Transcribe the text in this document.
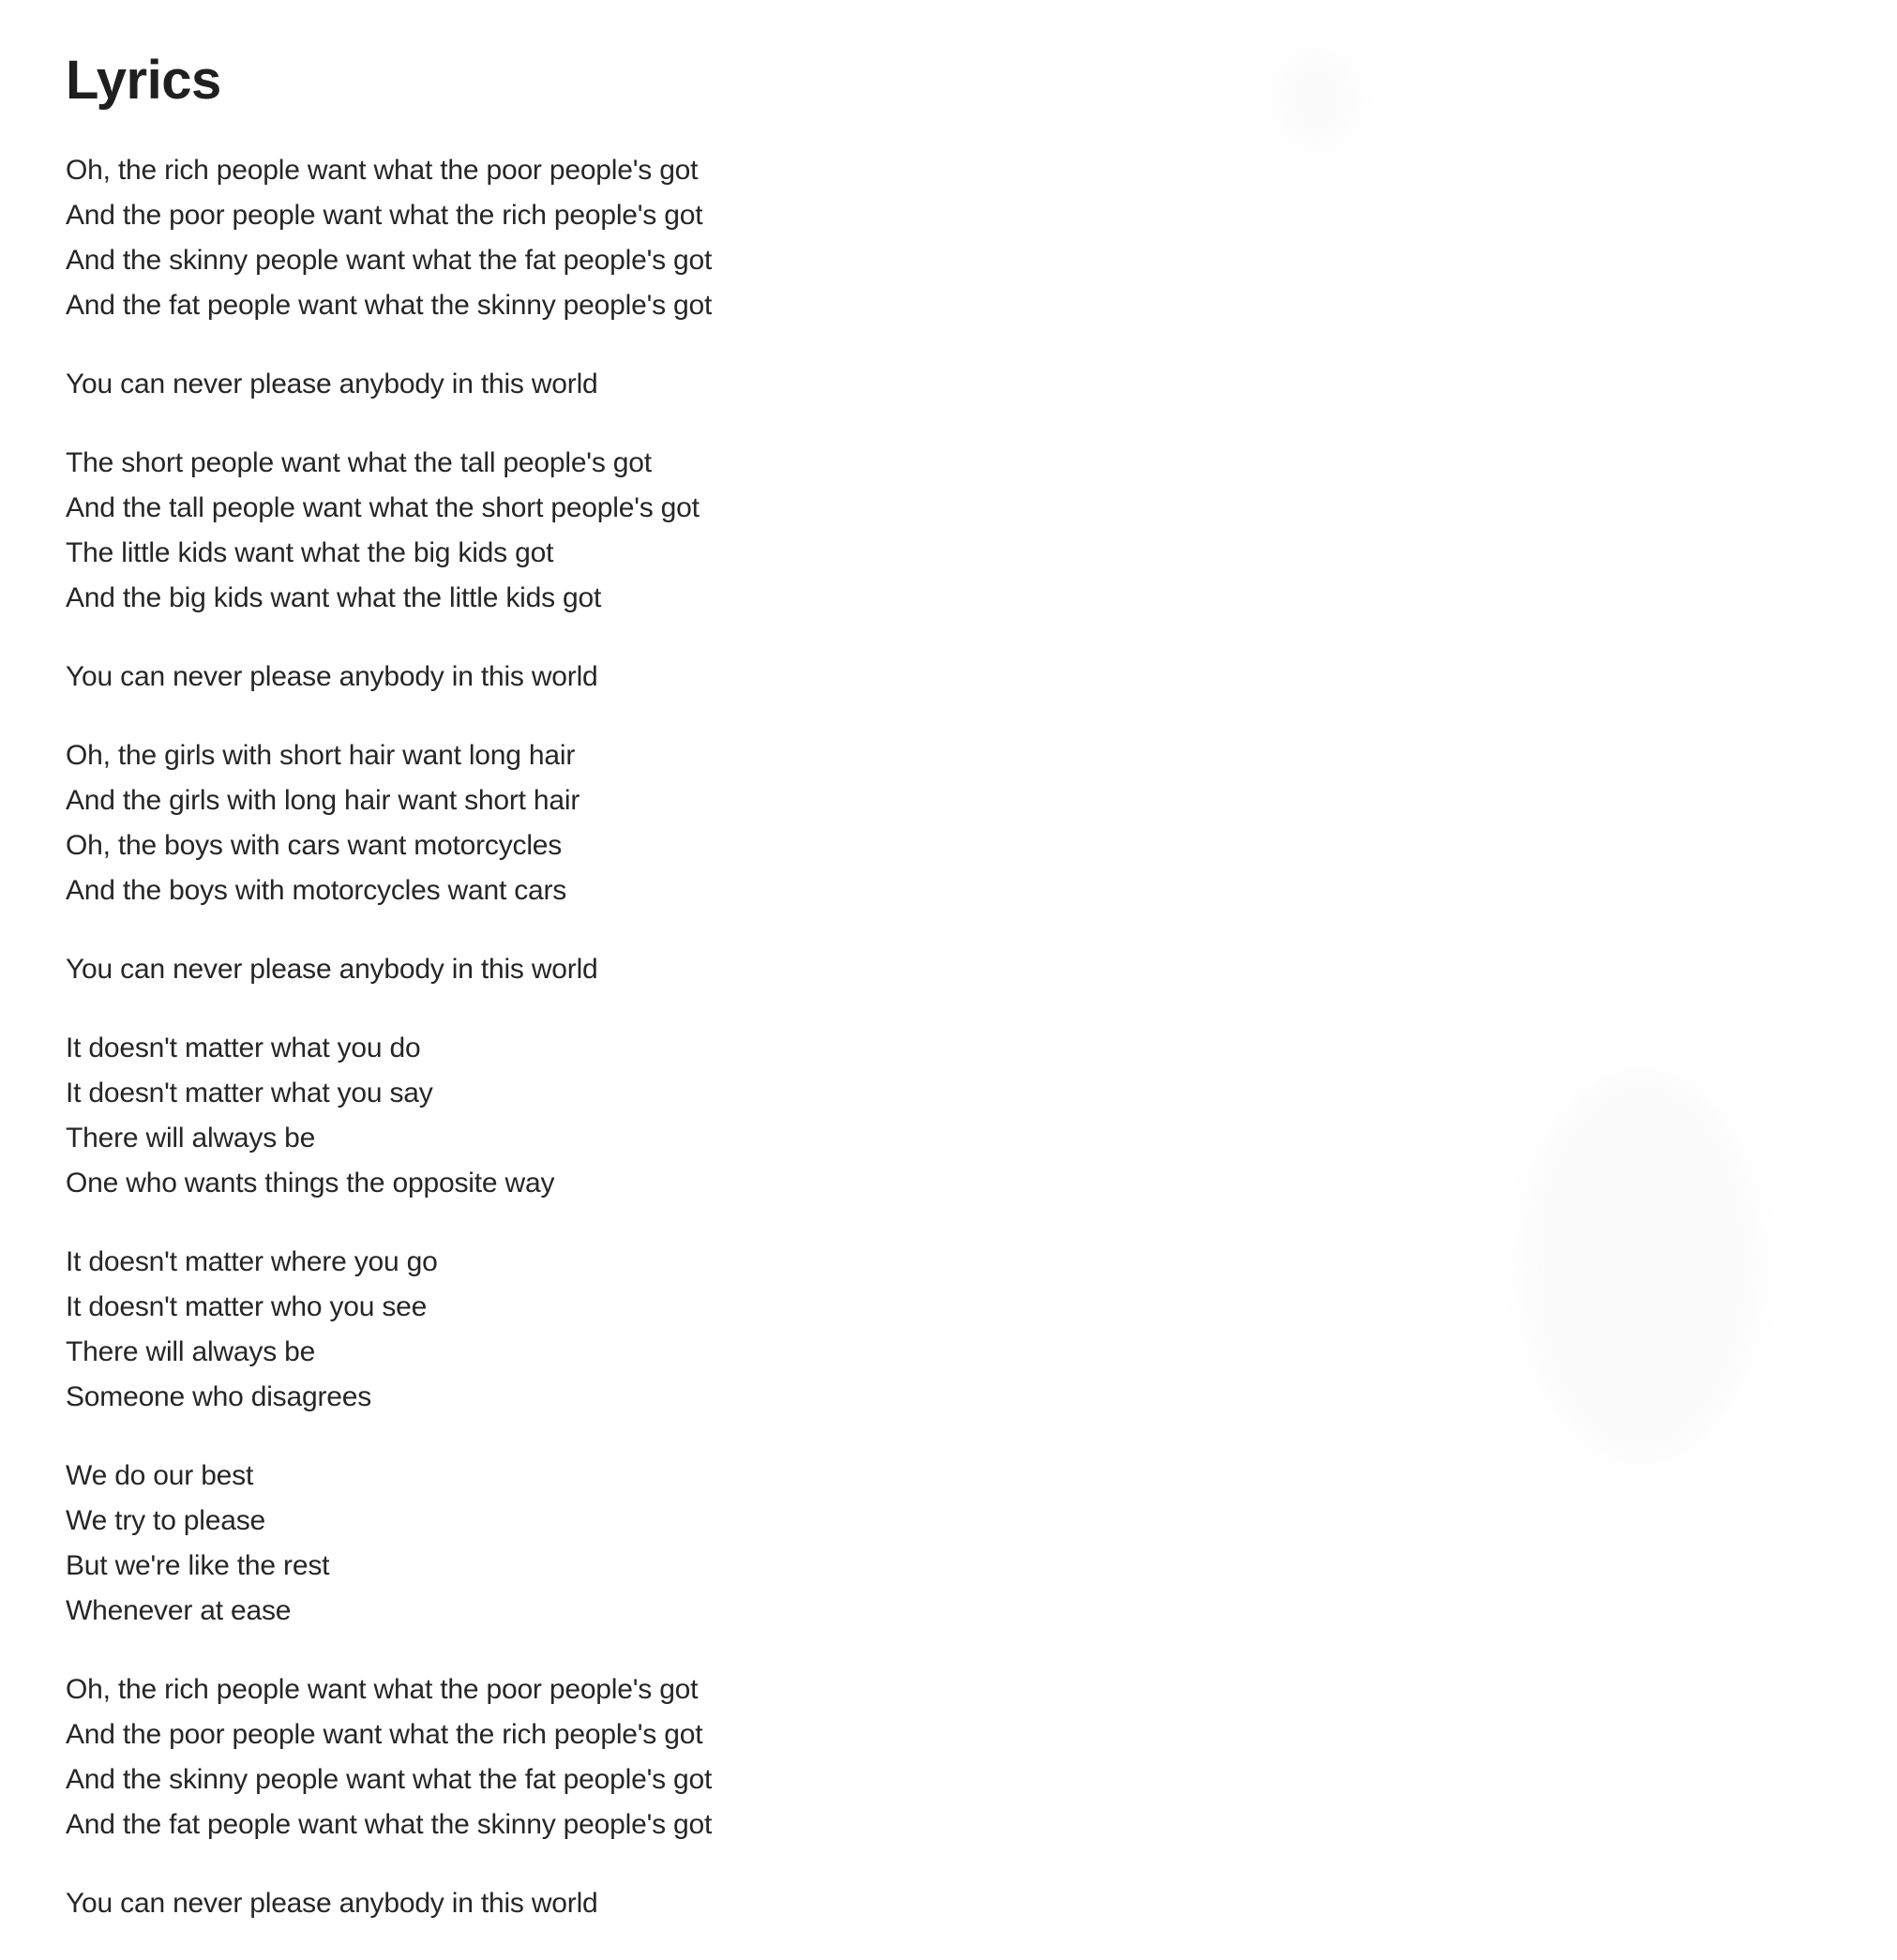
Lyrics
Oh, the rich people want what the poor people's got
And the poor people want what the rich people's got
And the skinny people want what the fat people's got
And the fat people want what the skinny people's got
You can never please anybody in this world
The short people want what the tall people's got
And the tall people want what the short people's got
The little kids want what the big kids got
And the big kids want what the little kids got
You can never please anybody in this world
Oh, the girls with short hair want long hair
And the girls with long hair want short hair
Oh, the boys with cars want motorcycles
And the boys with motorcycles want cars
You can never please anybody in this world
It doesn't matter what you do
It doesn't matter what you say
There will always be
One who wants things the opposite way
It doesn't matter where you go
It doesn't matter who you see
There will always be
Someone who disagrees
We do our best
We try to please
But we're like the rest
Whenever at ease
Oh, the rich people want what the poor people's got
And the poor people want what the rich people's got
And the skinny people want what the fat people's got
And the fat people want what the skinny people's got
You can never please anybody in this world
